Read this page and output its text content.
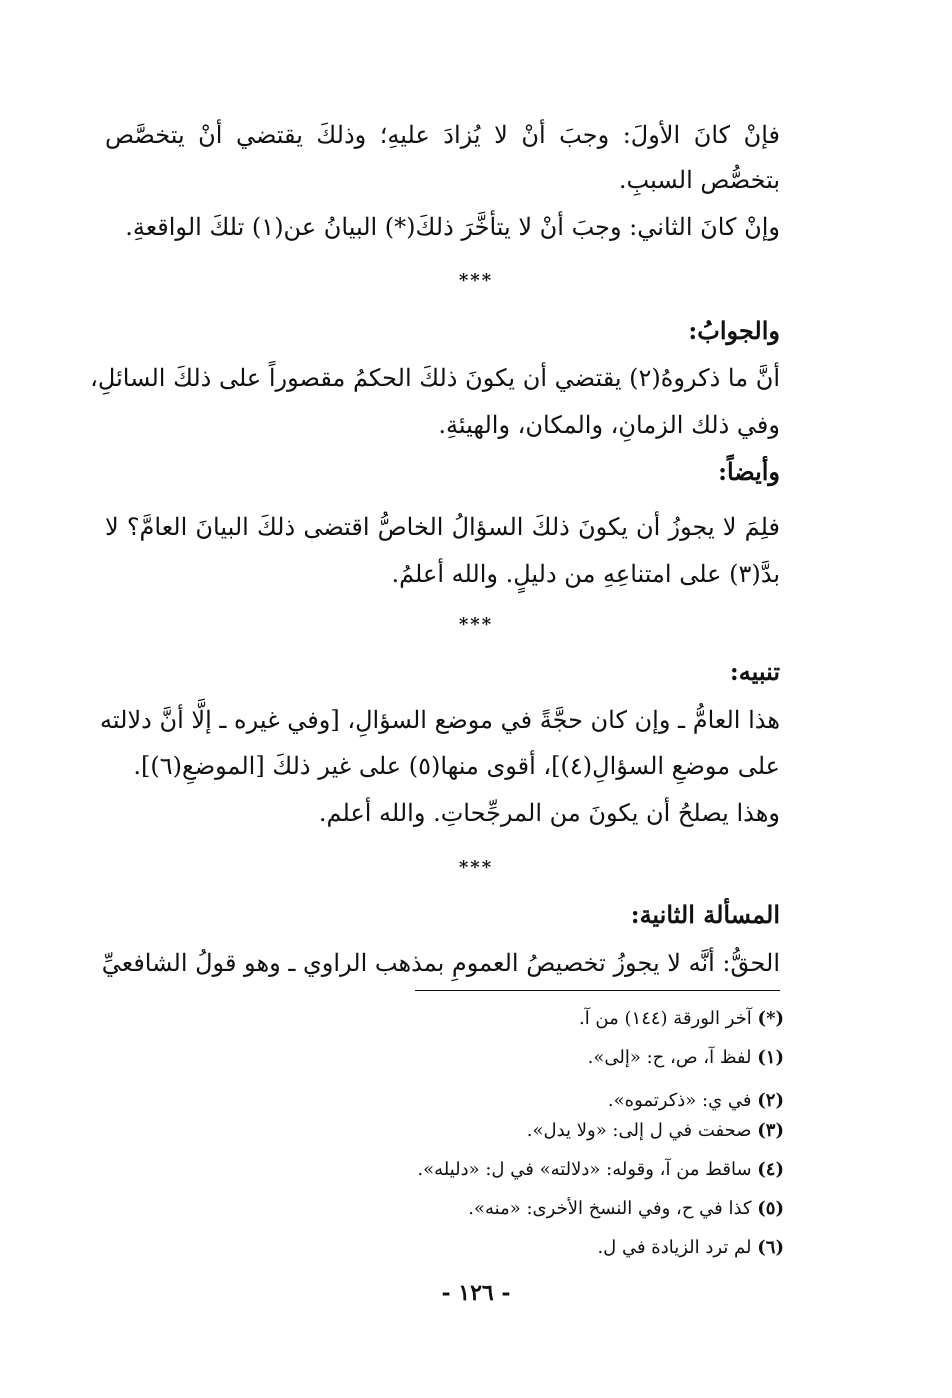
فإنْ كانَ الأولَ: وجبَ أنْ لا يُزادَ عليهِ؛ وذلكَ يقتضي أنْ يتخصَّص
بتخصُّص السببِ.
وإنْ كانَ الثاني: وجبَ أنْ لا يتأخَّرَ ذلكَ(*) البيانُ عن(١) تلكَ الواقعةِ.
***
والجوابُ:
أنَّ ما ذكروهُ(٢) يقتضي أن يكونَ ذلكَ الحكمُ مقصوراً على ذلكَ السائلِ،
وفي ذلك الزمانِ، والمكان، والهيئةِ.
وأيضاً:
فلِمَ لا يجوزُ أن يكونَ ذلكَ السؤالُ الخاصُّ اقتضى ذلكَ البيانَ العامَّ؟ لا
بدَّ(٣) على امتناعِهِ من دليلٍ. والله أعلمُ.
***
تنبيه:
هذا العامُّ ـ وإن كان حجَّةً في موضع السؤالِ، [وفي غيره ـ إلَّا أنَّ دلالته
على موضعِ السؤالِ(٤)]، أقوى منها(٥) على غير ذلكَ [الموضعِ(٦)].
وهذا يصلحُ أن يكونَ من المرجِّحاتِ. والله أعلم.
***
المسألة الثانية:
الحقُّ: أنَّه لا يجوزُ تخصيصُ العمومِ بمذهب الراوي ـ وهو قولُ الشافعيِّ
(*) آخر الورقة (١٤٤) من آ.
(١) لفظ آ، ص، ح: «إلى».
(٢) في ي: «ذكرتموه».
(٣) صحفت في ل إلى: «ولا يدل».
(٤) ساقط من آ، وقوله: «دلالته» في ل: «دليله».
(٥) كذا في ح، وفي النسخ الأخرى: «منه».
(٦) لم ترد الزيادة في ل.
- ١٢٦ -
